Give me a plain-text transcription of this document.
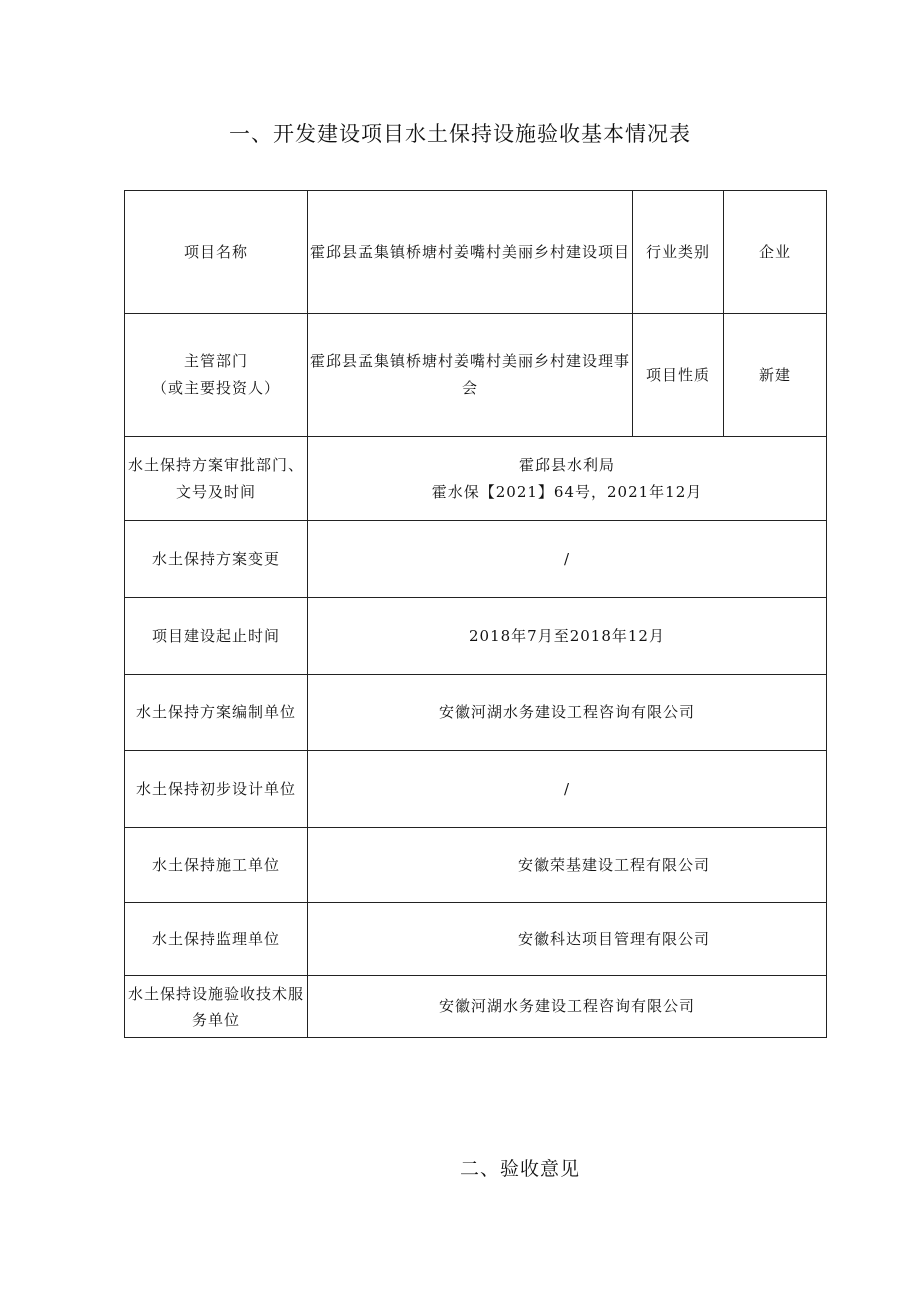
一、开发建设项目水土保持设施验收基本情况表
项目名称	霍邱县孟集镇桥塘村姜嘴村美丽乡村建设项目	行业类别	企业

主管部门
（或主要投资人）	霍邱县孟集镇桥塘村姜嘴村美丽乡村建设理事会	项目性质	新建
水土保持方案审批部门、文号及时间	霍邱县水利局
霍水保【2021】64号，2021年12月		

水土保持方案变更	/		
项目建设起止时间	2018年7月至2018年12月		
水土保持方案编制单位	安徽河湖水务建设工程咨询有限公司		
水土保持初步设计单位	/		
水土保持施工单位	安徽荣基建设工程有限公司		
水土保持监理单位	安徽科达项目管理有限公司		
水土保持设施验收技术服务单位	安徽河湖水务建设工程咨询有限公司		
二、验收意见
